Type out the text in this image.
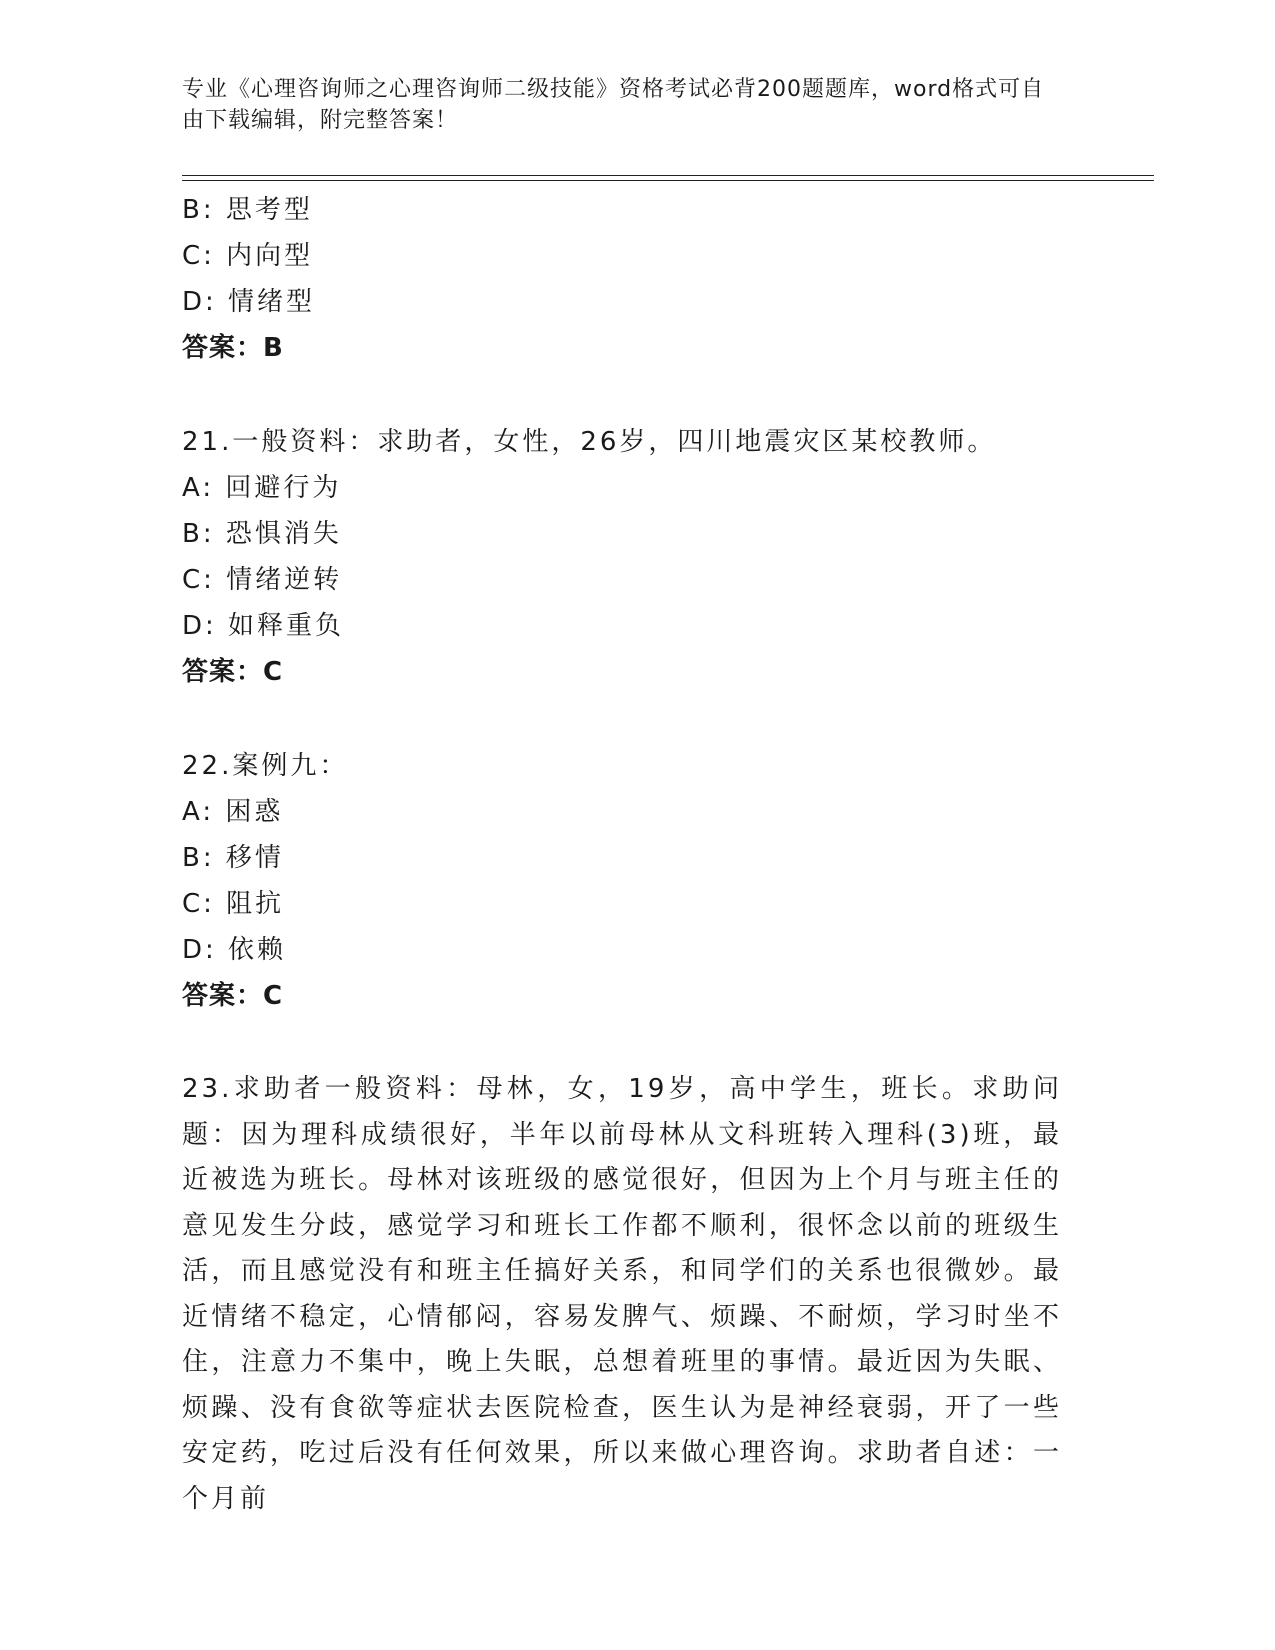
专业《心理咨询师之心理咨询师二级技能》资格考试必背200题题库，word格式可自由下载编辑，附完整答案！
B: 思考型
C: 内向型
D: 情绪型
答案：B
21.一般资料：求助者，女性，26岁，四川地震灾区某校教师。
A: 回避行为
B: 恐惧消失
C: 情绪逆转
D: 如释重负
答案：C
22.案例九：
A: 困惑
B: 移情
C: 阻抗
D: 依赖
答案：C
23.求助者一般资料：母林，女，19岁，高中学生，班长。求助问题：因为理科成绩很好，半年以前母林从文科班转入理科(3)班，最近被选为班长。母林对该班级的感觉很好，但因为上个月与班主任的意见发生分歧，感觉学习和班长工作都不顺利，很怀念以前的班级生活，而且感觉没有和班主任搞好关系，和同学们的关系也很微妙。最近情绪不稳定，心情郁闷，容易发脾气、烦躁、不耐烦，学习时坐不住，注意力不集中，晚上失眠，总想着班里的事情。最近因为失眠、烦躁、没有食欲等症状去医院检查，医生认为是神经衰弱，开了一些安定药，吃过后没有任何效果，所以来做心理咨询。求助者自述：一个月前
